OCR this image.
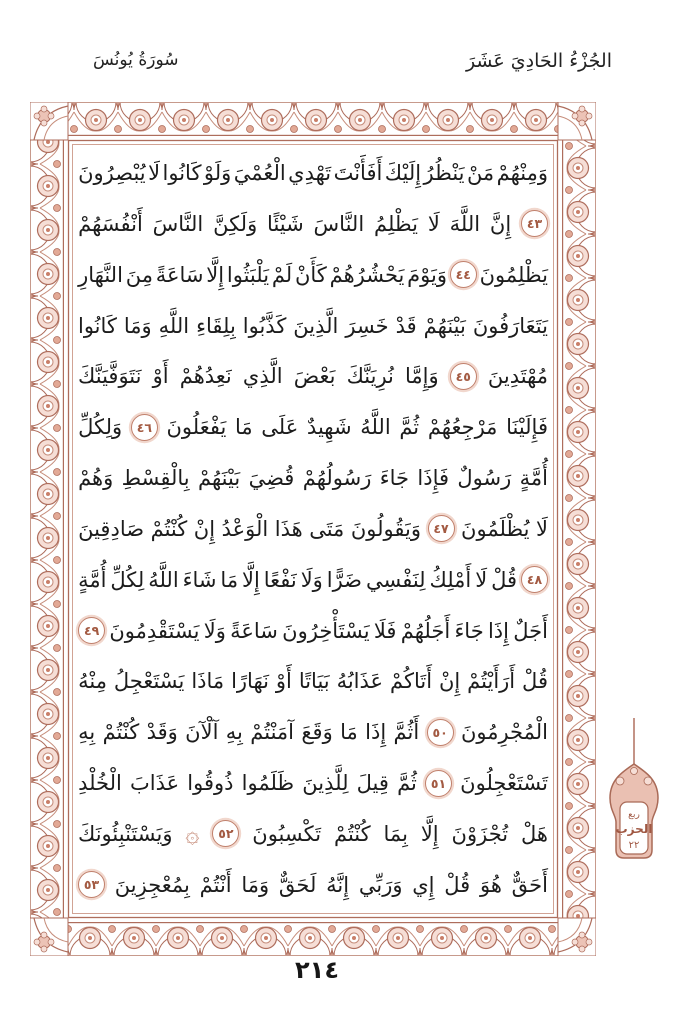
الجُزْءُ الحَادِيَ عَشَرَ
سُورَةُ يُونُسَ
وَمِنْهُمْ
مَنْ
يَنْظُرُ
إِلَيْكَ
أَفَأَنْتَ
تَهْدِي
الْعُمْيَ
وَلَوْ
كَانُوا
لَا
يُبْصِرُونَ
٤٣
إِنَّ
اللَّهَ
لَا
يَظْلِمُ
النَّاسَ
شَيْئًا
وَلَكِنَّ
النَّاسَ
أَنْفُسَهُمْ
يَظْلِمُونَ
٤٤
وَيَوْمَ
يَحْشُرُهُمْ
كَأَنْ
لَمْ
يَلْبَثُوا
إِلَّا
سَاعَةً
مِنَ
النَّهَارِ
يَتَعَارَفُونَ
بَيْنَهُمْ
قَدْ
خَسِرَ
الَّذِينَ
كَذَّبُوا
بِلِقَاءِ
اللَّهِ
وَمَا
كَانُوا
مُهْتَدِينَ
٤٥
وَإِمَّا
نُرِيَنَّكَ
بَعْضَ
الَّذِي
نَعِدُهُمْ
أَوْ
نَتَوَفَّيَنَّكَ
فَإِلَيْنَا
مَرْجِعُهُمْ
ثُمَّ
اللَّهُ
شَهِيدٌ
عَلَى
مَا
يَفْعَلُونَ
٤٦
وَلِكُلِّ
أُمَّةٍ
رَسُولٌ
فَإِذَا
جَاءَ
رَسُولُهُمْ
قُضِيَ
بَيْنَهُمْ
بِالْقِسْطِ
وَهُمْ
لَا
يُظْلَمُونَ
٤٧
وَيَقُولُونَ
مَتَى
هَذَا
الْوَعْدُ
إِنْ
كُنْتُمْ
صَادِقِينَ
٤٨
قُلْ
لَا
أَمْلِكُ
لِنَفْسِي
ضَرًّا
وَلَا
نَفْعًا
إِلَّا
مَا
شَاءَ
اللَّهُ
لِكُلِّ
أُمَّةٍ
أَجَلٌ
إِذَا
جَاءَ
أَجَلُهُمْ
فَلَا
يَسْتَأْخِرُونَ
سَاعَةً
وَلَا
يَسْتَقْدِمُونَ
٤٩
قُلْ
أَرَأَيْتُمْ
إِنْ
أَتَاكُمْ
عَذَابُهُ
بَيَاتًا
أَوْ
نَهَارًا
مَاذَا
يَسْتَعْجِلُ
مِنْهُ
الْمُجْرِمُونَ
٥٠
أَثُمَّ
إِذَا
مَا
وَقَعَ
آمَنْتُمْ
بِهِ
آلْآنَ
وَقَدْ
كُنْتُمْ
بِهِ
تَسْتَعْجِلُونَ
٥١
ثُمَّ
قِيلَ
لِلَّذِينَ
ظَلَمُوا
ذُوقُوا
عَذَابَ
الْخُلْدِ
هَلْ
تُجْزَوْنَ
إِلَّا
بِمَا
كُنْتُمْ
تَكْسِبُونَ
٥٢
۞
وَيَسْتَنْبِئُونَكَ
أَحَقٌّ
هُوَ
قُلْ
إِي
وَرَبِّي
إِنَّهُ
لَحَقٌّ
وَمَا
أَنْتُمْ
بِمُعْجِزِينَ
٥٣
ربع
الحزب
٢٢
٢١٤
